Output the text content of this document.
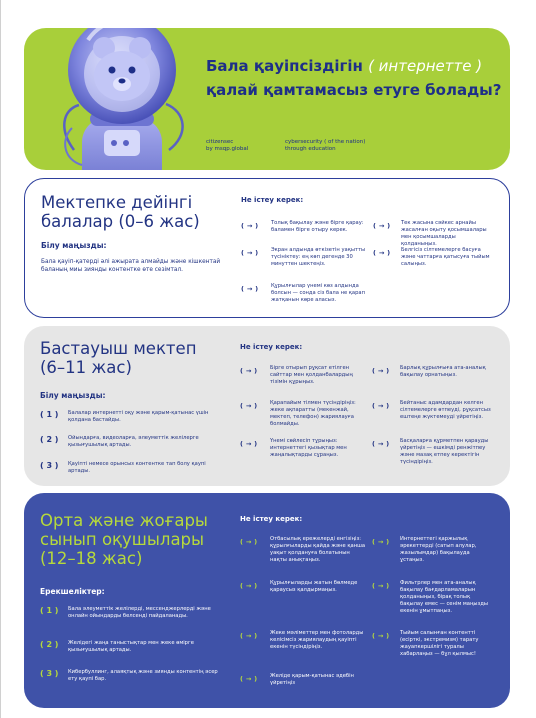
Бала қауіпсіздігін ( интернетте )
қалай қамтамасыз етуге болады?
citizensec
by msqp.global
cybersecurity ( of the nation)
through education
Мектепке дейінгі
балалар (0–6 жас)
Білу маңызды:
Бала қауіп-қатерді әлі ажырата алмайды және кішкентай баланың миы зиянды контентке өте сезімтал.
Не істеу керек:
( → ) Толық бақылау және бірге қарау: баламен бірге отыру керек.
( → ) Экран алдында өткізетін уақытты түсініктеу: ең көп дегенде 30 минуттен шектеңіз.
( → ) Құрылғылар үнемі көз алдында болсын — сонда сіз бала не қарап жатқанын көре аласыз.
( → ) Тек жасына сәйкес арнайы жасалған оқыту қосымшалары мен қосымшаларды қолданыңыз.
( → ) Белгісіз сілтемелерге басуға және чаттарға қатысуға тыйым салыңыз.
Бастауыш мектеп
(6–11 жас)
Білу маңызды:
( 1 ) Балалар интернетті оқу және қарым-қатынас үшін қолдана бастайды.
( 2 ) Ойындарға, видеоларға, әлеуметтік желілерге қызығушылық артады.
( 3 ) Қауіпті немесе орынсыз контентке тап болу қаупі артады.
Не істеу керек:
( → ) Бірге отырып рұқсат етілген сайттар мен қолданбалардың тізімін құрыңыз.
( → ) Қарапайым тілмен түсіндіріңіз: жеке ақпаратты (мекенжай, мектеп, телефон) жариялауға болмайды.
( → ) Үнемі сөйлесіп тұрыңыз: интернеттегі қызықтар мен жаңалықтарды сұраңыз.
( → ) Барлық құрылғыға ата-аналық бақылау орнатыңыз.
( → ) Бейтаныс адамдардан келген сілтемелерге өтпеуді, рұқсатсыз ештеңе жүктемеуді үйретіңіз.
( → ) Басқаларға құрметпен қарауды үйретіңіз — ешкімді ренжітпеу және мазақ етпеу керектігін түсіндіріңіз.
Орта және жоғары
сынып оқушылары
(12–18 жас)
Ерекшеліктер:
( 1 ) Бала әлеуметтік желілерді, мессенджерлерді және онлайн ойындарды белсенді пайдаланады.
( 2 ) Желідегі жаңа таныстықтар мен жеке өмірге қызығушылық артады.
( 3 ) Кибербуллинг, алаяқтық және зиянды контентің әсер ету қаупі бар.
Не істеу керек:
( → ) Отбасылық ережелерді енгізіңіз: құрылғыларды қайда және қанша уақыт қолдануға болатынын нақты анықтаңыз.
( → ) Құрылғыларды жатын бөлмеде қараусыз қалдырмаңыз.
( → ) Жеке мәліметтер мен фотоларды келісімсіз жариялаудың қауіпті екенін түсіндіріңіз.
( → ) Желіде қарым-қатынас әдебін үйретіңіз
( → ) Интернеттегі қаржылық әрекеттерді (сатып алулар, жазылымдар) бақылауда ұстаңыз.
( → ) Фильтрлер мен ата-аналық бақылау бағдарламаларын қолданыңыз, бірақ толық бақылау емес — сенім маңызды екенін ұмытпаңыз.
( → ) Тыйым салынған контентті (есірткі, экстремизм) тарату жауапкершілігі туралы хабарлаңыз — бұл қылмыс!
